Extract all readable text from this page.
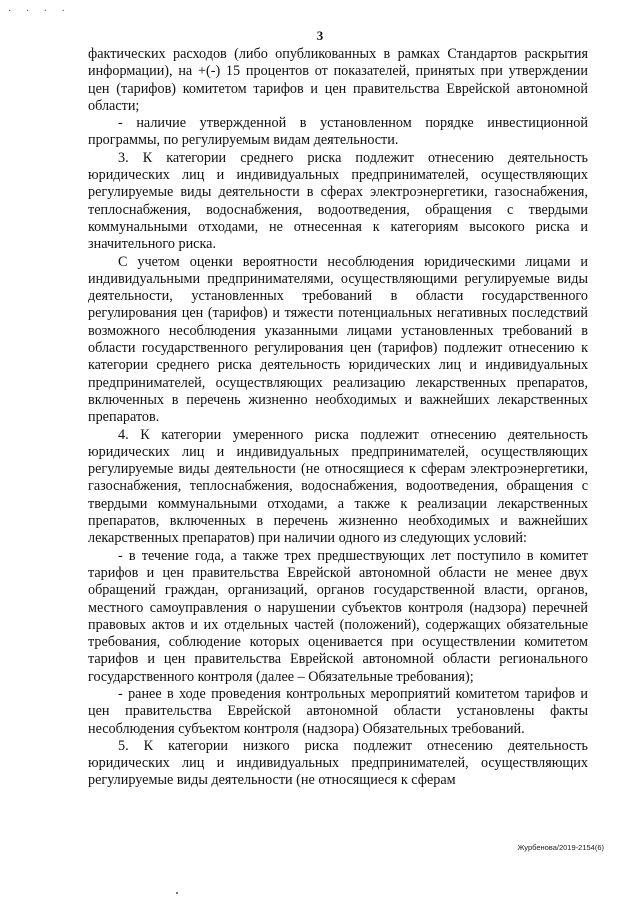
· · · ·
3

фактических расходов (либо опубликованных в рамках Стандартов раскрытия информации), на +(-) 15 процентов от показателей, принятых при утверждении цен (тарифов) комитетом тарифов и цен правительства Еврейской автономной области;

- наличие утвержденной в установленном порядке инвестиционной программы, по регулируемым видам деятельности.

3. К категории среднего риска подлежит отнесению деятельность юридических лиц и индивидуальных предпринимателей, осуществляющих регулируемые виды деятельности в сферах электроэнергетики, газоснабжения, теплоснабжения, водоснабжения, водоотведения, обращения с твердыми коммунальными отходами, не отнесенная к категориям высокого риска и значительного риска.

С учетом оценки вероятности несоблюдения юридическими лицами и индивидуальными предпринимателями, осуществляющими регулируемые виды деятельности, установленных требований в области государственного регулирования цен (тарифов) и тяжести потенциальных негативных последствий возможного несоблюдения указанными лицами установленных требований в области государственного регулирования цен (тарифов) подлежит отнесению к категории среднего риска деятельность юридических лиц и индивидуальных предпринимателей, осуществляющих реализацию лекарственных препаратов, включенных в перечень жизненно необходимых и важнейших лекарственных препаратов.

4. К категории умеренного риска подлежит отнесению деятельность юридических лиц и индивидуальных предпринимателей, осуществляющих регулируемые виды деятельности (не относящиеся к сферам электроэнергетики, газоснабжения, теплоснабжения, водоснабжения, водоотведения, обращения с твердыми коммунальными отходами, а также к реализации лекарственных препаратов, включенных в перечень жизненно необходимых и важнейших лекарственных препаратов) при наличии одного из следующих условий:

- в течение года, а также трех предшествующих лет поступило в комитет тарифов и цен правительства Еврейской автономной области не менее двух обращений граждан, организаций, органов государственной власти, органов, местного самоуправления о нарушении субъектов контроля (надзора) перечней правовых актов и их отдельных частей (положений), содержащих обязательные требования, соблюдение которых оценивается при осуществлении комитетом тарифов и цен правительства Еврейской автономной области регионального государственного контроля (далее – Обязательные требования);

- ранее в ходе проведения контрольных мероприятий комитетом тарифов и цен правительства Еврейской автономной области установлены факты несоблюдения субъектом контроля (надзора) Обязательных требований.

5. К категории низкого риска подлежит отнесению деятельность юридических лиц и индивидуальных предпринимателей, осуществляющих регулируемые виды деятельности (не относящиеся к сферам

Журбенова/2019-2154(6)
